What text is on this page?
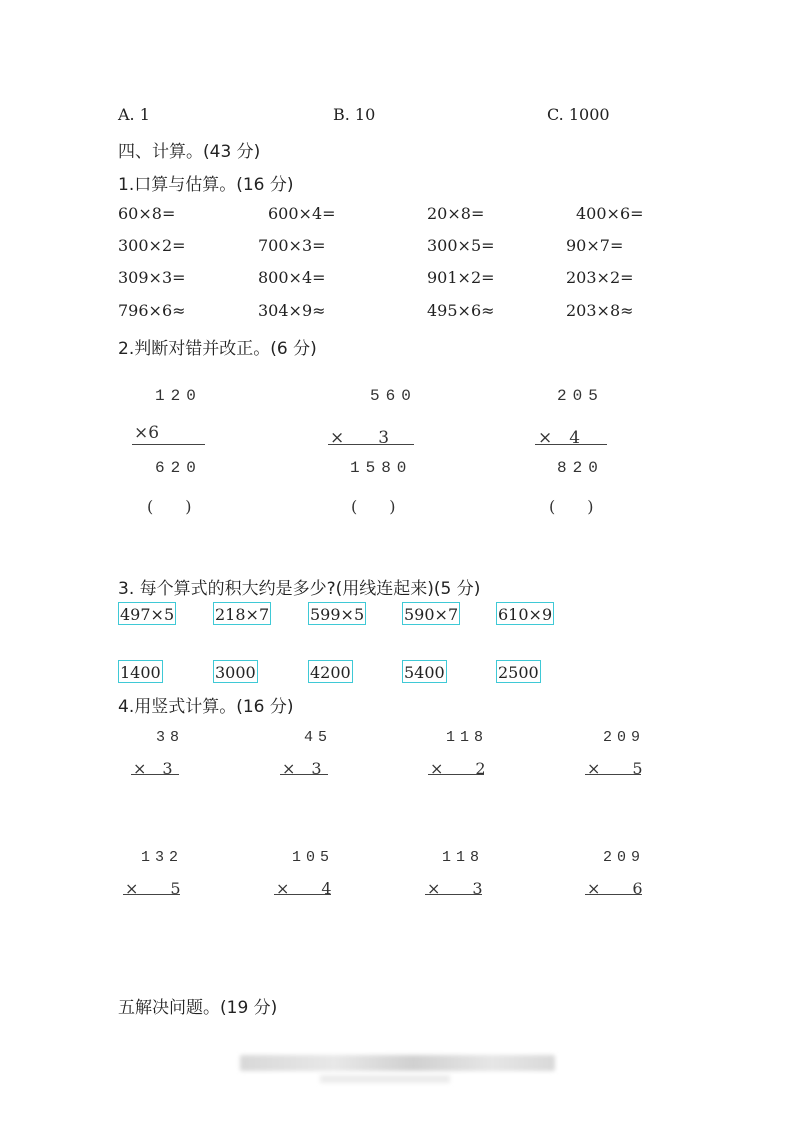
A. 1	B. 10	C. 1000
四、计算。(43 分)
1.口算与估算。(16 分)
60×8=	600×4=	20×8=	400×6=
300×2=	700×3=	300×5=	90×7=
309×3=	800×4=	901×2=	203×2=
796×6≈	304×9≈	495×6≈	203×8≈
2.判断对错并改正。(6 分)
120
×6
620
(　　)
560
×　　3
1580
(　　)
205
×　4
820
(　　)
3. 每个算式的积大约是多少?(用线连起来)(5 分)
497×5	218×7	599×5 590×7 610×9
1400	3000	4200	5400	2500
4.用竖式计算。(16 分)
38
×　3
45
×　3
118
×　　2
209
×　　5
132
×　　5
105
×　　4
118
×　　3
209
×　　6
五解决问题。(19 分)
